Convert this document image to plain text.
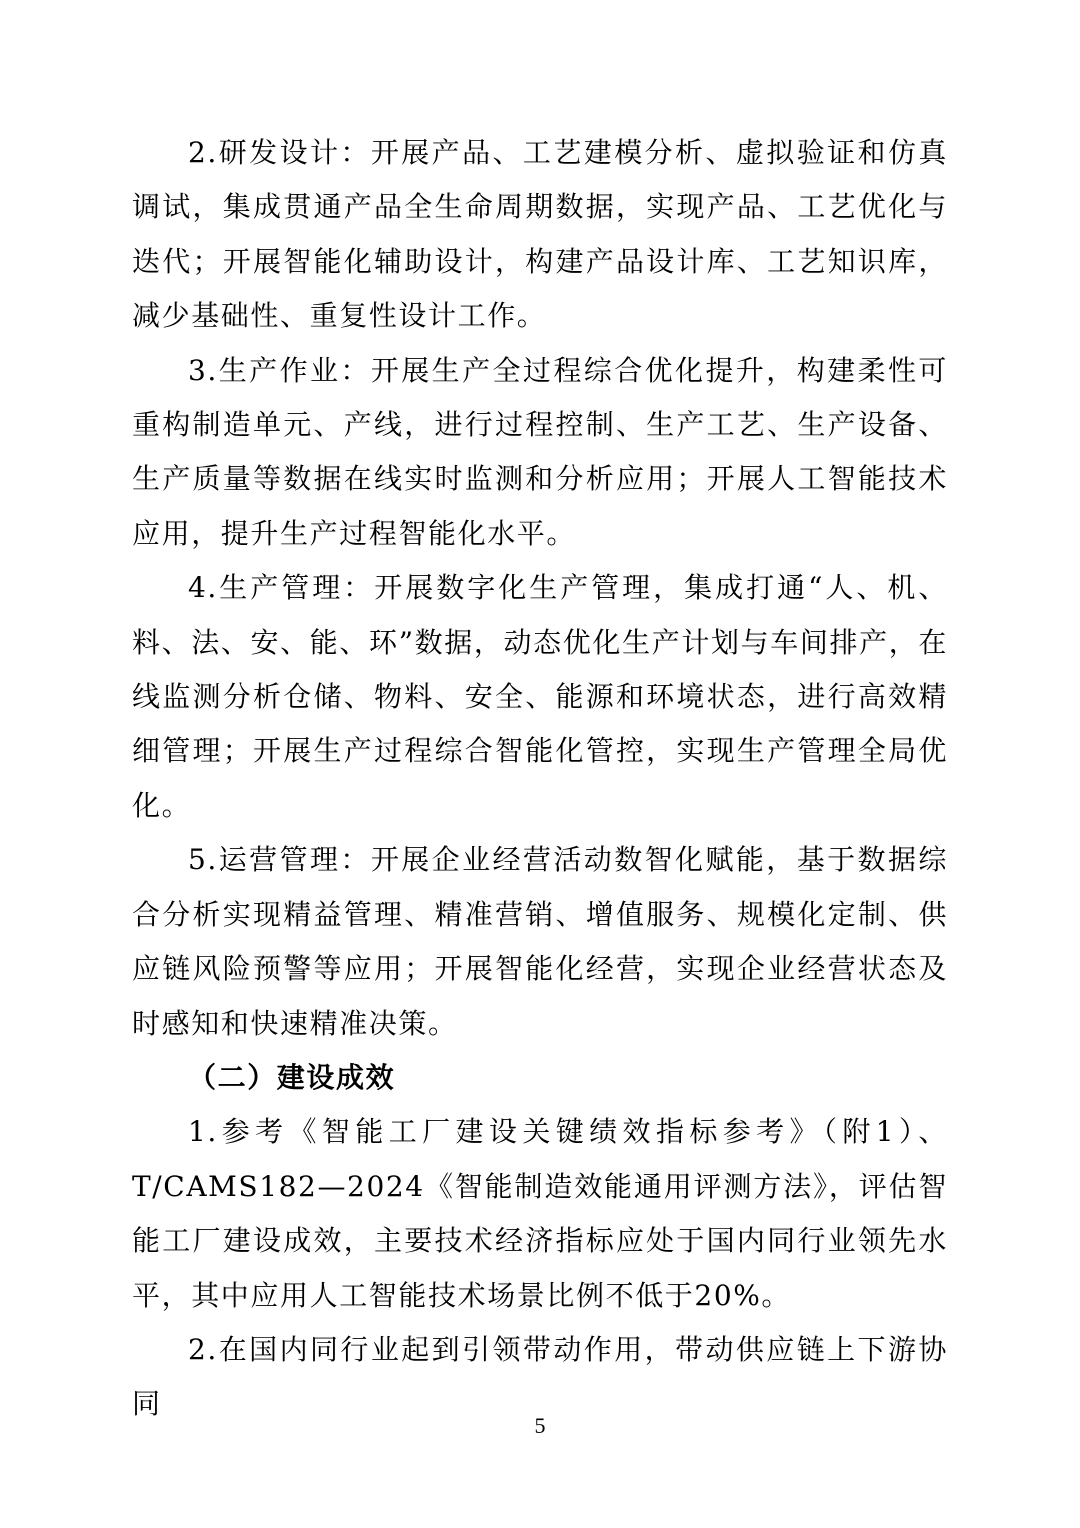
2.研发设计：开展产品、工艺建模分析、虚拟验证和仿真调试，集成贯通产品全生命周期数据，实现产品、工艺优化与迭代；开展智能化辅助设计，构建产品设计库、工艺知识库，减少基础性、重复性设计工作。

3.生产作业：开展生产全过程综合优化提升，构建柔性可重构制造单元、产线，进行过程控制、生产工艺、生产设备、生产质量等数据在线实时监测和分析应用；开展人工智能技术应用，提升生产过程智能化水平。

4.生产管理：开展数字化生产管理，集成打通“人、机、料、法、安、能、环”数据，动态优化生产计划与车间排产，在线监测分析仓储、物料、安全、能源和环境状态，进行高效精细管理；开展生产过程综合智能化管控，实现生产管理全局优化。

5.运营管理：开展企业经营活动数智化赋能，基于数据综合分析实现精益管理、精准营销、增值服务、规模化定制、供应链风险预警等应用；开展智能化经营，实现企业经营状态及时感知和快速精准决策。

（二）建设成效

1.参考《智能工厂建设关键绩效指标参考》（附1）、T/CAMS182—2024《智能制造效能通用评测方法》，评估智能工厂建设成效，主要技术经济指标应处于国内同行业领先水平，其中应用人工智能技术场景比例不低于20%。

2.在国内同行业起到引领带动作用，带动供应链上下游协同

5
